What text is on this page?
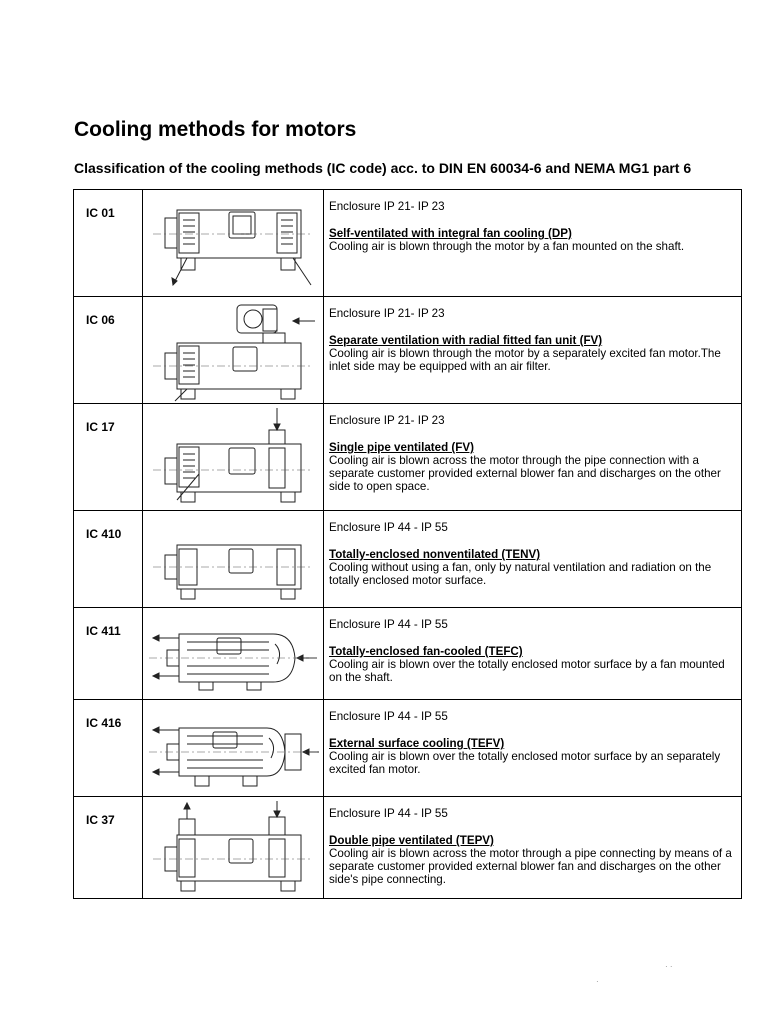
Cooling methods for motors
Classification of the cooling methods (IC code) acc. to DIN EN 60034-6 and NEMA MG1 part 6
IC 01		Enclosure IP 21- IP 23
Self-ventilated with integral fan cooling (DP)
Cooling air is blown through the motor by a fan mounted on the shaft.

IC 06		Enclosure IP 21- IP 23
Separate ventilation with radial fitted fan unit (FV)
Cooling air is blown through the motor by a separately excited fan motor.The inlet side may be equipped with an air filter.

IC 17		Enclosure IP 21- IP 23
Single pipe ventilated (FV)
Cooling air is blown across the motor through the pipe connection with a separate customer provided external blower fan and discharges on the other side to open space.

IC 410		Enclosure IP 44 - IP 55
Totally-enclosed nonventilated (TENV)
Cooling without using a fan, only by natural ventilation and radiation on the totally enclosed motor surface.

IC 411		Enclosure IP 44 - IP 55
Totally-enclosed fan-cooled (TEFC)
Cooling air is blown over the totally enclosed motor surface by a fan mounted on the shaft.

IC 416		Enclosure IP 44 - IP 55
External surface cooling (TEFV)
Cooling air is blown over the totally enclosed motor surface by an separately excited fan motor.

IC 37		Enclosure IP 44 - IP 55
Double pipe ventilated (TEPV)
Cooling air is blown across the motor through a pipe connecting by means of a separate customer provided external blower fan and discharges on the other side's pipe connecting.
· ·
·
